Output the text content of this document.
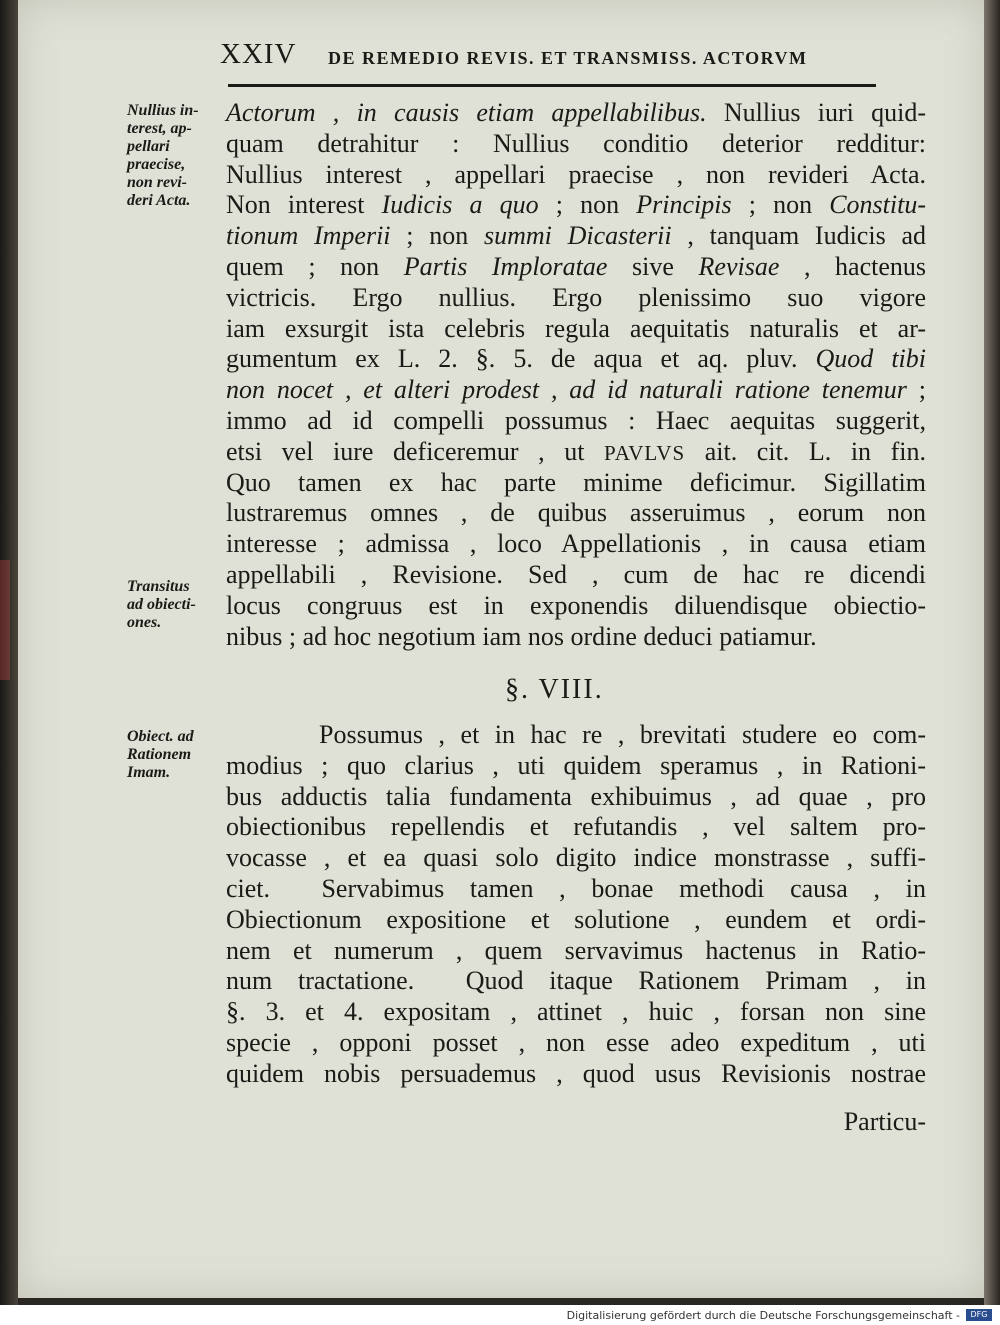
XXIV DE REMEDIO REVIS. ET TRANSMISS. ACTORVM
Nullius in-
terest, ap-
pellari
praecise,
non revi-
deri Acta.
Transitus
ad obiecti-
ones.
Obiect. ad
Rationem
Imam.
Actorum , in causis etiam appellabilibus. Nullius iuri quid-
quam detrahitur : Nullius conditio deterior redditur:
Nullius interest , appellari praecise , non revideri Acta.
Non interest Iudicis a quo ; non Principis ; non Constitu-
tionum Imperii ; non summi Dicasterii , tanquam Iudicis ad
quem ; non Partis Imploratae sive Revisae , hactenus
victricis. Ergo nullius. Ergo plenissimo suo vigore
iam exsurgit ista celebris regula aequitatis naturalis et ar-
gumentum ex L. 2. §. 5. de aqua et aq. pluv. Quod tibi
non nocet , et alteri prodest , ad id naturali ratione tenemur ;
immo ad id compelli possumus : Haec aequitas suggerit,
etsi vel iure deficeremur , ut PAVLVS ait. cit. L. in fin.
Quo tamen ex hac parte minime deficimur. Sigillatim
lustraremus omnes , de quibus asseruimus , eorum non
interesse ; admissa , loco Appellationis , in causa etiam
appellabili , Revisione. Sed , cum de hac re dicendi
locus congruus est in exponendis diluendisque obiectio-
nibus ; ad hoc negotium iam nos ordine deduci patiamur.
§. VIII.
Possumus , et in hac re , brevitati studere eo com-
modius ; quo clarius , uti quidem speramus , in Rationi-
bus adductis talia fundamenta exhibuimus , ad quae , pro
obiectionibus repellendis et refutandis , vel saltem pro-
vocasse , et ea quasi solo digito indice monstrasse , suffi-
ciet.  Servabimus tamen , bonae methodi causa , in
Obiectionum expositione et solutione , eundem et ordi-
nem et numerum , quem servavimus hactenus in Ratio-
num tractatione.  Quod itaque Rationem Primam , in
§. 3. et 4. expositam , attinet , huic , forsan non sine
specie , opponi posset , non esse adeo expeditum , uti
quidem nobis persuademus , quod usus Revisionis nostrae
Particu-
Digitalisierung gefördert durch die Deutsche Forschungsgemeinschaft -	DFG
